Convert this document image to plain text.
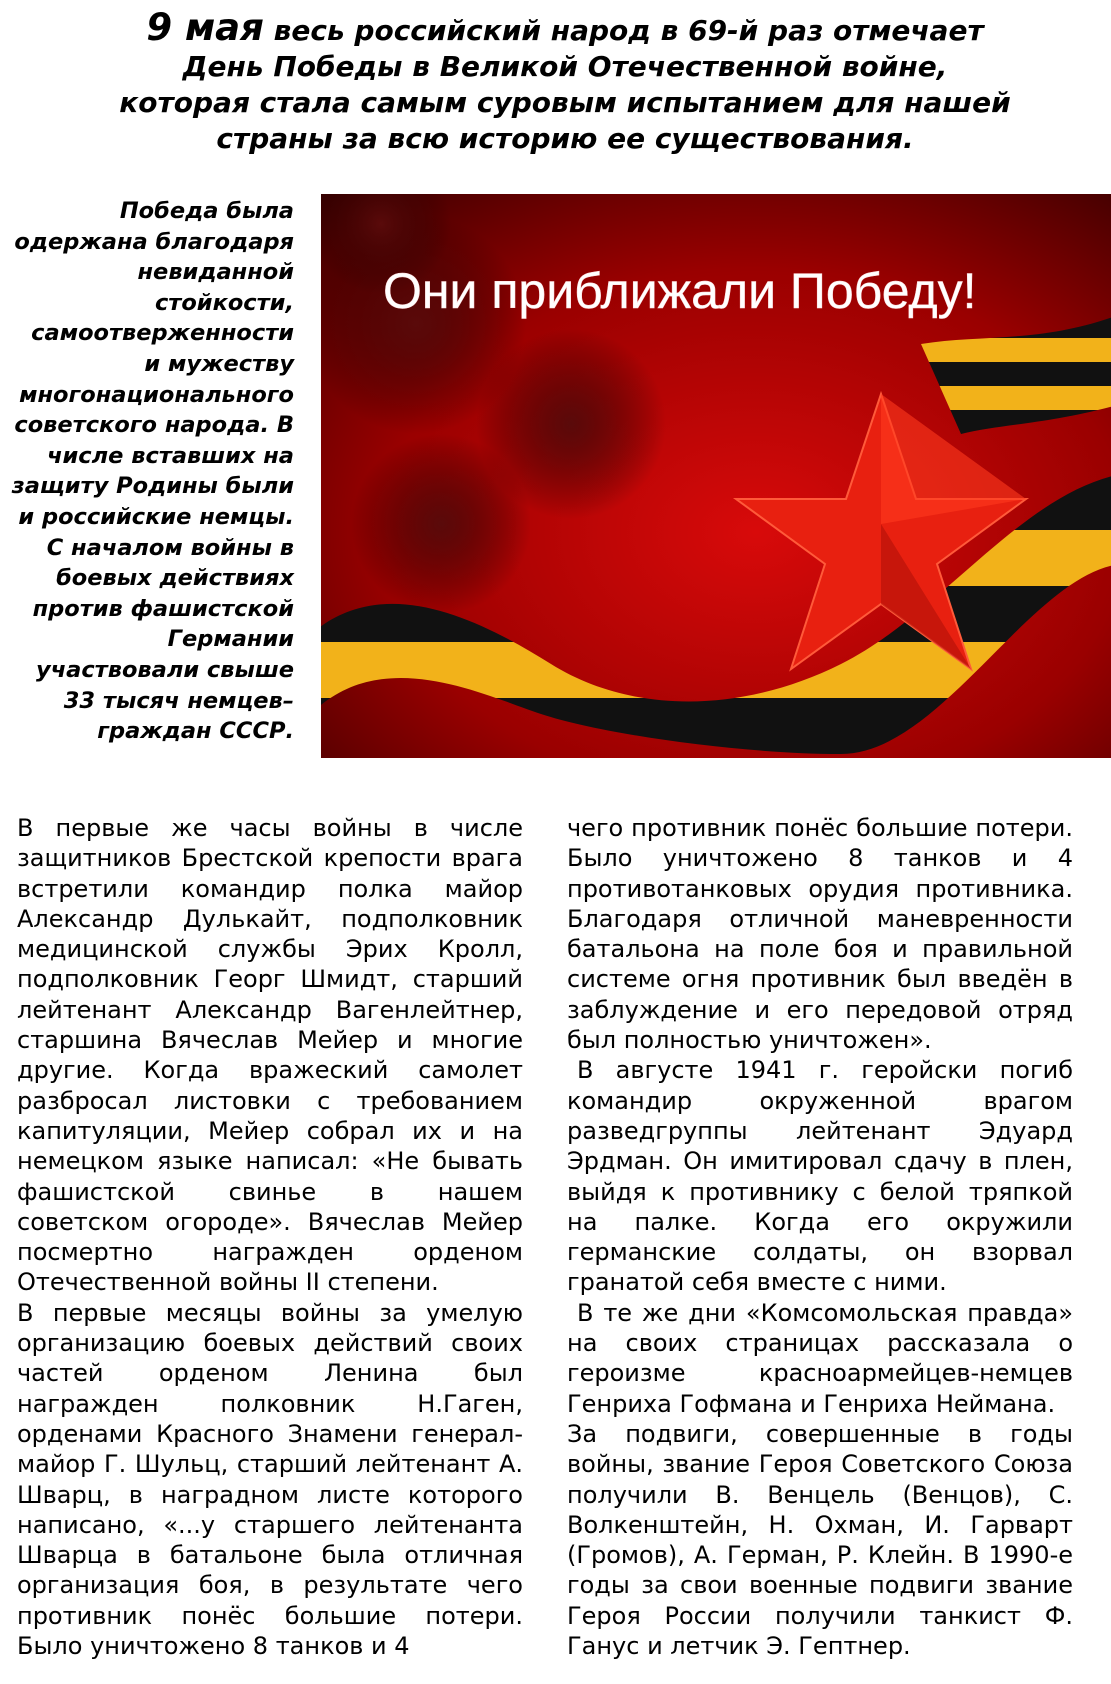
9 мая весь российский народ в 69-й раз отмечает
День Победы в Великой Отечественной войне,
которая стала самым суровым испытанием для нашей
страны за всю историю ее существования.
Победа была одержана благодаря невиданной стойкости, самоотверженности и мужеству многонационального советского народа. В числе вставших на защиту Родины были и российские немцы. С началом войны в боевых действиях против фашистской Германии участвовали свыше 33 тысяч немцев–граждан СССР.
Они приближали Победу!

В первые же часы войны в числе защитников Брестской крепости врага встретили командир полка майор Александр Дулькайт, подполковник медицинской службы Эрих Кролл, подполковник Георг Шмидт, старший лейтенант Александр Вагенлейтнер, старшина Вячеслав Мейер и многие другие. Когда вражеский самолет разбросал листовки с требованием капитуляции, Мейер собрал их и на немецком языке написал: «Не бывать фашистской свинье в нашем советском огороде». Вячеслав Мейер посмертно награжден орденом Отечественной войны II степени.

В первые месяцы войны за умелую организацию боевых действий своих частей орденом Ленина был награжден полковник Н.Гаген, орденами Красного Знамени генерал-майор Г. Шульц, старший лейтенант А. Шварц, в наградном листе которого написано, «...у старшего лейтенанта Шварца в батальоне была отличная организация боя, в результате чего противник понёс большие потери. Было уничтожено 8 танков и 4

чего противник понёс большие потери. Было уничтожено 8 танков и 4 противотанковых орудия противника. Благодаря отличной маневренности батальона на поле боя и правильной системе огня противник был введён в заблуждение и его передовой отряд был полностью уничтожен».

В августе 1941 г. геройски погиб командир окруженной врагом разведгруппы лейтенант Эдуард Эрдман. Он имитировал сдачу в плен, выйдя к противнику с белой тряпкой на палке. Когда его окружили германские солдаты, он взорвал гранатой себя вместе с ними.

В те же дни «Комсомольская правда» на своих страницах рассказала о героизме красноармейцев-немцев Генриха Гофмана и Генриха Неймана.

За подвиги, совершенные в годы войны, звание Героя Советского Союза получили В. Венцель (Венцов), С. Волкенштейн, Н. Охман, И. Гарварт (Громов), А. Герман, Р. Клейн. В 1990-е годы за свои военные подвиги звание Героя России получили танкист Ф. Ганус и летчик Э. Гептнер.
